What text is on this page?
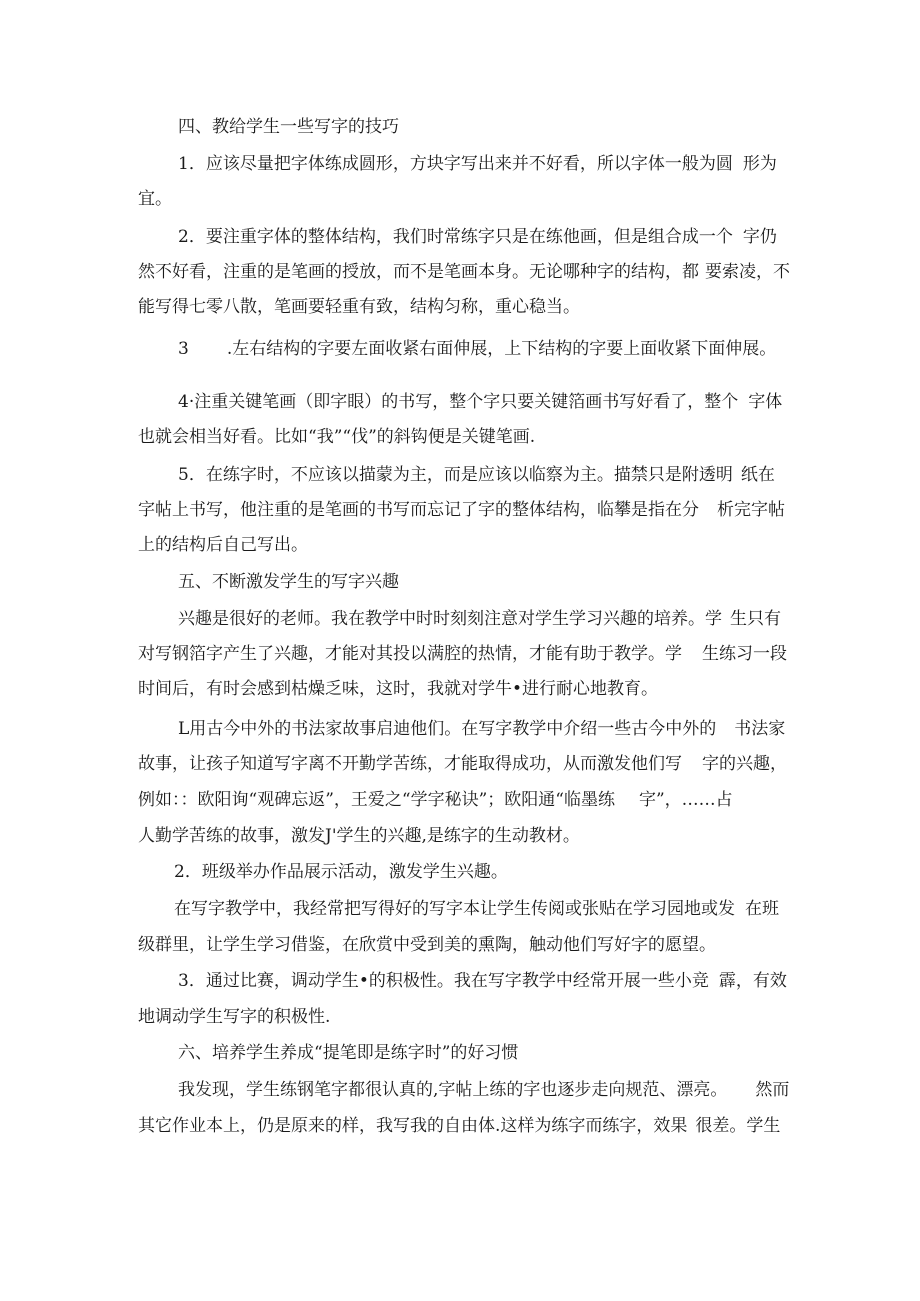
四、教给学生一些写字的技巧
1．应该尽量把字体练成圆形，方块字写出来并不好看，所以字体一般为圆 形为
宜。
2．要注重字体的整体结构，我们时常练字只是在练他画，但是组合成一个 字仍
然不好看，注重的是笔画的授放，而不是笔画本身。无论哪种字的结构，都 要索凌，不
能写得七零八散，笔画要轻重有致，结构匀称，重心稳当。
3 .左右结构的字要左面收紧右面伸展，上下结构的字要上面收紧下面伸展。
4·注重关键笔画（即字眼）的书写，整个字只要关键箔画书写好看了，整个 字体
也就会相当好看。比如“我”“伐”的斜钩便是关键笔画.
5．在练字时，不应该以描蒙为主，而是应该以临察为主。描禁只是附透明 纸在
字帖上书写，他注重的是笔画的书写而忘记了字的整体结构，临攀是指在分 析完字帖
上的结构后自己写出。
五、不断激发学生的写字兴趣
兴趣是很好的老师。我在教学中时时刻刻注意对学生学习兴趣的培养。学 生只有
对写钢箔字产生了兴趣，才能对其投以满腔的热情，才能有助于教学。学 生练习一段
时间后，有时会感到枯燥乏味，这时，我就对学牛•进行耐心地教育。
L用古今中外的书法家故事启迪他们。在写字教学中介绍一些古今中外的 书法家
故事，让孩子知道写字离不开勤学苦练，才能取得成功，从而激发他们写 字的兴趣，
例如：：欧阳询“观碑忘返”，王爱之“学字秘诀”；欧阳通“临墨练 字”，……占
人勤学苦练的故事，激发J'学生的兴趣,是练字的生动教材。
2．班级举办作品展示活动，激发学生兴趣。
在写字教学中，我经常把写得好的写字本让学生传阅或张贴在学习园地或发 在班
级群里，让学生学习借鉴，在欣赏中受到美的熏陶，触动他们写好字的愿望。
3．通过比赛，调动学生•的积极性。我在写字教学中经常开展一些小竞 霹，有效
地调动学生写字的积极性.
六、培养学生养成“提笔即是练字时”的好习惯
我发现，学生练钢笔字都很认真的,字帖上练的字也逐步走向规范、漂亮。 然而
其它作业本上，仍是原来的样，我写我的自由体.这样为练字而练字，效果 很差。学生
